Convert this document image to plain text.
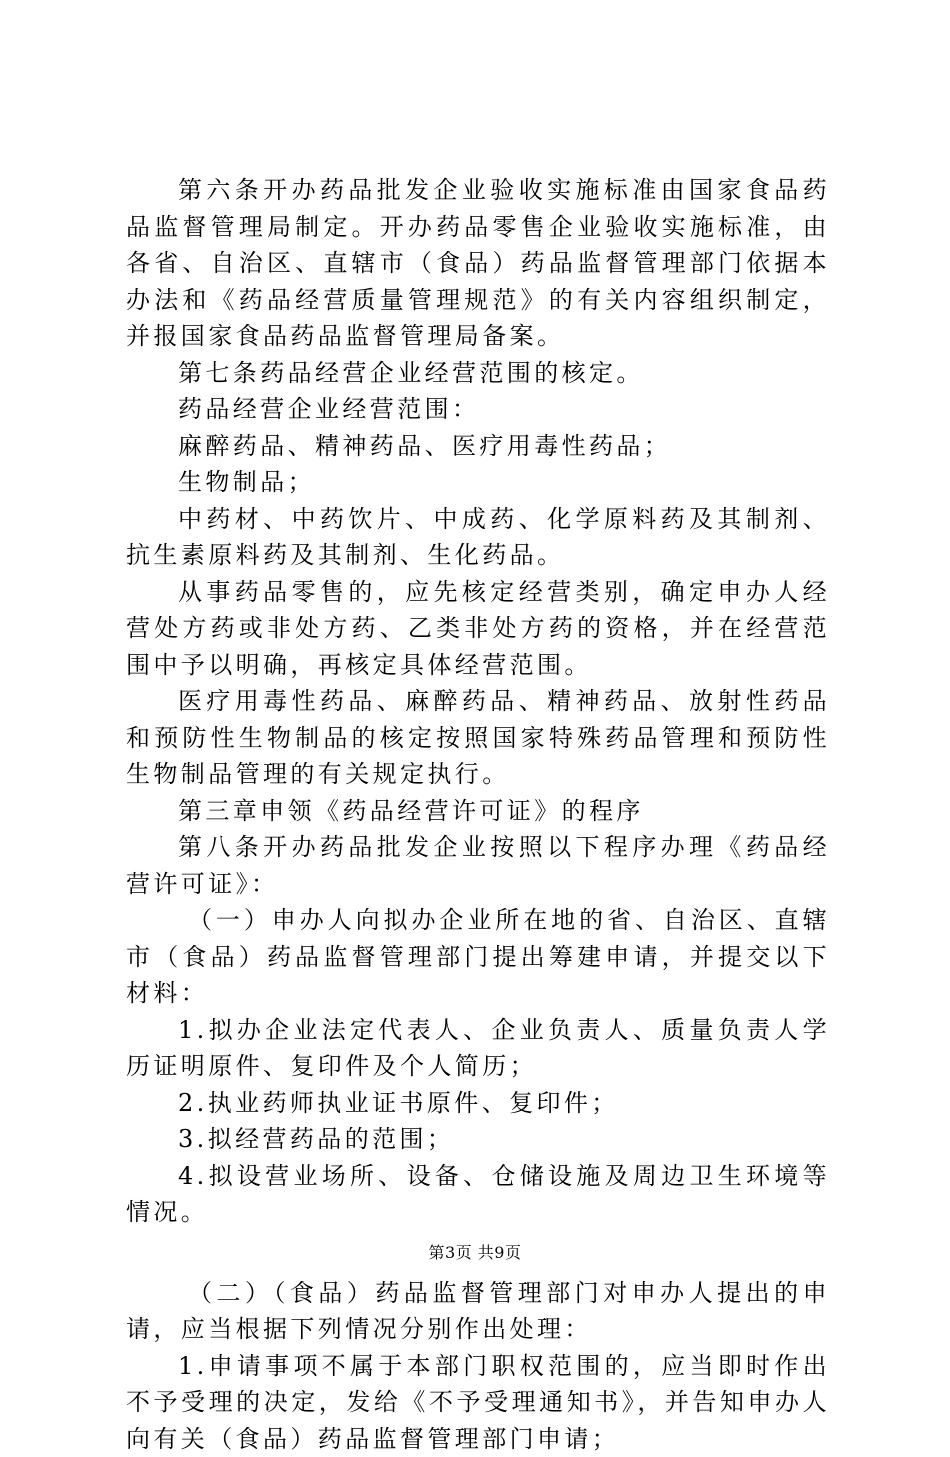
第六条开办药品批发企业验收实施标准由国家食品药品监督管理局制定。开办药品零售企业验收实施标准，由各省、自治区、直辖市（食品）药品监督管理部门依据本办法和《药品经营质量管理规范》的有关内容组织制定，并报国家食品药品监督管理局备案。

第七条药品经营企业经营范围的核定。

药品经营企业经营范围：

麻醉药品、精神药品、医疗用毒性药品；

生物制品；

中药材、中药饮片、中成药、化学原料药及其制剂、抗生素原料药及其制剂、生化药品。

从事药品零售的，应先核定经营类别，确定申办人经营处方药或非处方药、乙类非处方药的资格，并在经营范围中予以明确，再核定具体经营范围。

医疗用毒性药品、麻醉药品、精神药品、放射性药品和预防性生物制品的核定按照国家特殊药品管理和预防性生物制品管理的有关规定执行。

第三章申领《药品经营许可证》的程序

第八条开办药品批发企业按照以下程序办理《药品经营许可证》：

（一）申办人向拟办企业所在地的省、自治区、直辖市（食品）药品监督管理部门提出筹建申请，并提交以下材料：

1.拟办企业法定代表人、企业负责人、质量负责人学历证明原件、复印件及个人简历；

2.执业药师执业证书原件、复印件；

3.拟经营药品的范围；

4.拟设营业场所、设备、仓储设施及周边卫生环境等情况。

（二）（食品）药品监督管理部门对申办人提出的申请，应当根据下列情况分别作出处理：

1.申请事项不属于本部门职权范围的，应当即时作出不予受理的决定，发给《不予受理通知书》，并告知申办人向有关（食品）药品监督管理部门申请；

第3页 共9页
